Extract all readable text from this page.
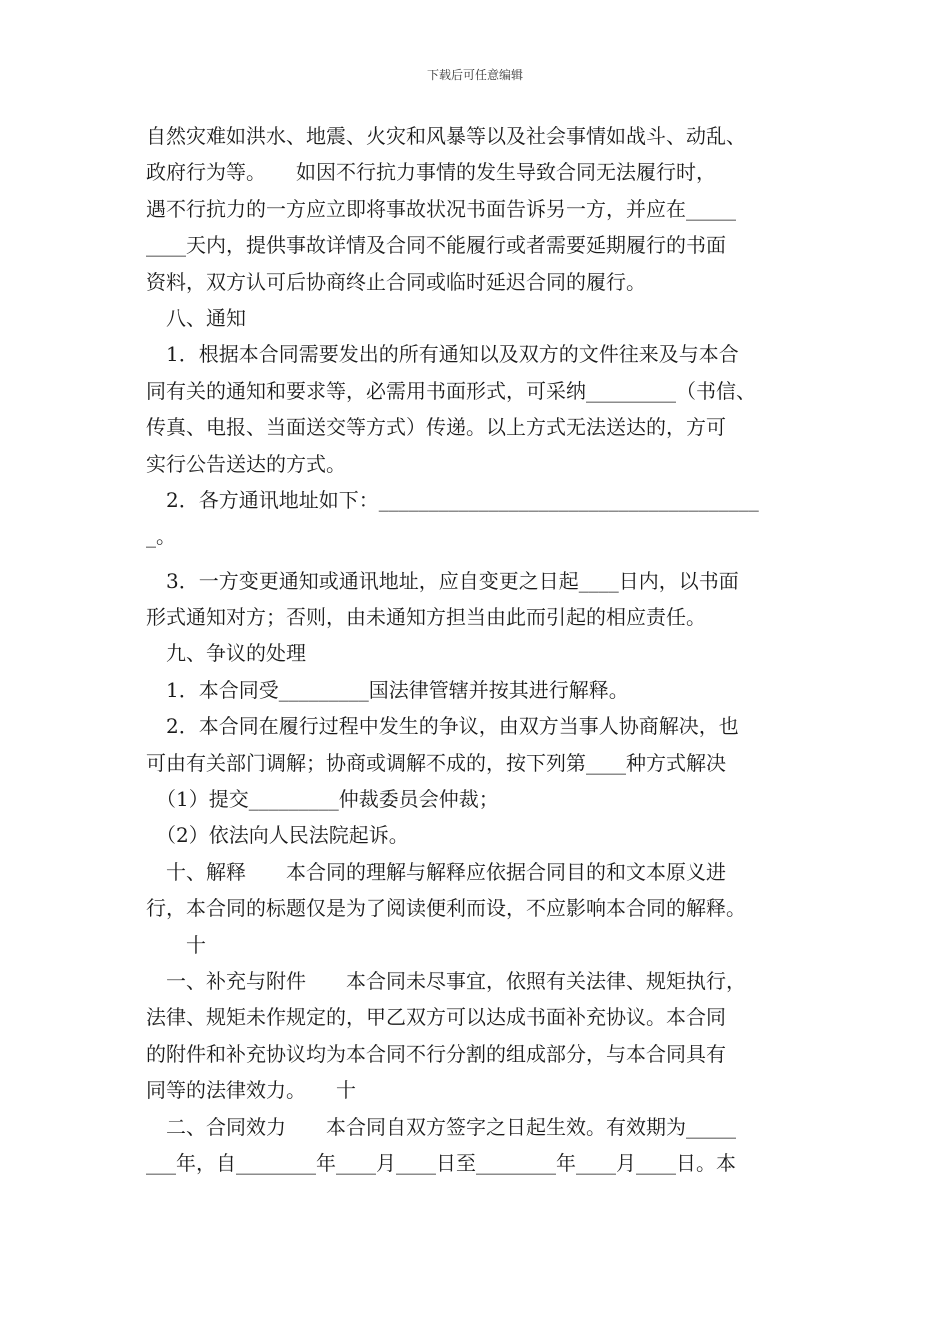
下载后可任意编辑
自然灾难如洪水、地震、火灾和风暴等以及社会事情如战斗、动乱、
政府行为等。　　如因不行抗力事情的发生导致合同无法履行时，
遇不行抗力的一方应立即将事故状况书面告诉另一方，并应在_____
____天内，提供事故详情及合同不能履行或者需要延期履行的书面
资料，双方认可后协商终止合同或临时延迟合同的履行。
　八、通知
　1．根据本合同需要发出的所有通知以及双方的文件往来及与本合
同有关的通知和要求等，必需用书面形式，可采纳_________（书信、
传真、电报、当面送交等方式）传递。以上方式无法送达的，方可
实行公告送达的方式。
　2．各方通讯地址如下：______________________________________
_。
　3．一方变更通知或通讯地址，应自变更之日起____日内，以书面
形式通知对方；否则，由未通知方担当由此而引起的相应责任。
　九、争议的处理
　1．本合同受_________国法律管辖并按其进行解释。
　2．本合同在履行过程中发生的争议，由双方当事人协商解决，也
可由有关部门调解；协商或调解不成的，按下列第____种方式解决
　（1）提交_________仲裁委员会仲裁；
　（2）依法向人民法院起诉。
　十、解释　　本合同的理解与解释应依据合同目的和文本原义进
行，本合同的标题仅是为了阅读便利而设，不应影响本合同的解释。
　　十
　一、补充与附件　　本合同未尽事宜，依照有关法律、规矩执行，
法律、规矩未作规定的，甲乙双方可以达成书面补充协议。本合同
的附件和补充协议均为本合同不行分割的组成部分，与本合同具有
同等的法律效力。　　十
　二、合同效力　　本合同自双方签字之日起生效。有效期为_____
___年，自________年____月____日至________年____月____日。本
